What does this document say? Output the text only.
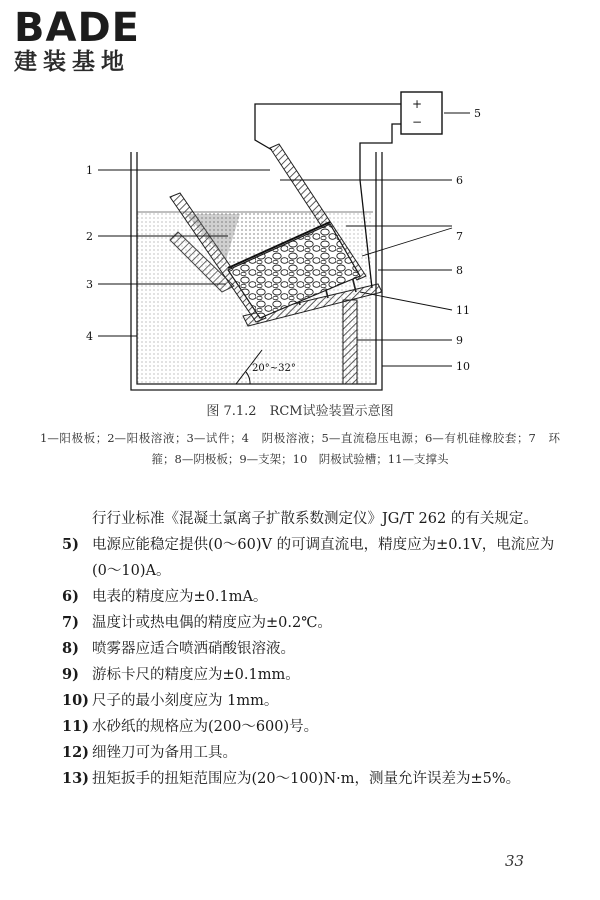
BADE
建装基地
+
−
20°~32°
1
2
3
4
5
6
7
8
9
10
11
图 7.1.2　RCM试验装置示意图
1—阳极板；2—阳极溶液；3—试件；4　阴极溶液；5—直流稳压电源；6—有机硅橡胶套；7　环箍；8—阴极板；9—支架；10　阴极试验槽；11—支撑头

行行业标准《混凝土氯离子扩散系数测定仪》JG/T 262 的有关规定。

5) 电源应能稳定提供(0～60)V 的可调直流电，精度应为±0.1V，电流应为(0～10)A。
6) 电表的精度应为±0.1mA。
7) 温度计或热电偶的精度应为±0.2℃。
8) 喷雾器应适合喷洒硝酸银溶液。
9) 游标卡尺的精度应为±0.1mm。
10) 尺子的最小刻度应为 1mm。
11) 水砂纸的规格应为(200～600)号。
12) 细锉刀可为备用工具。
13) 扭矩扳手的扭矩范围应为(20～100)N·m，测量允许误差为±5%。
33
